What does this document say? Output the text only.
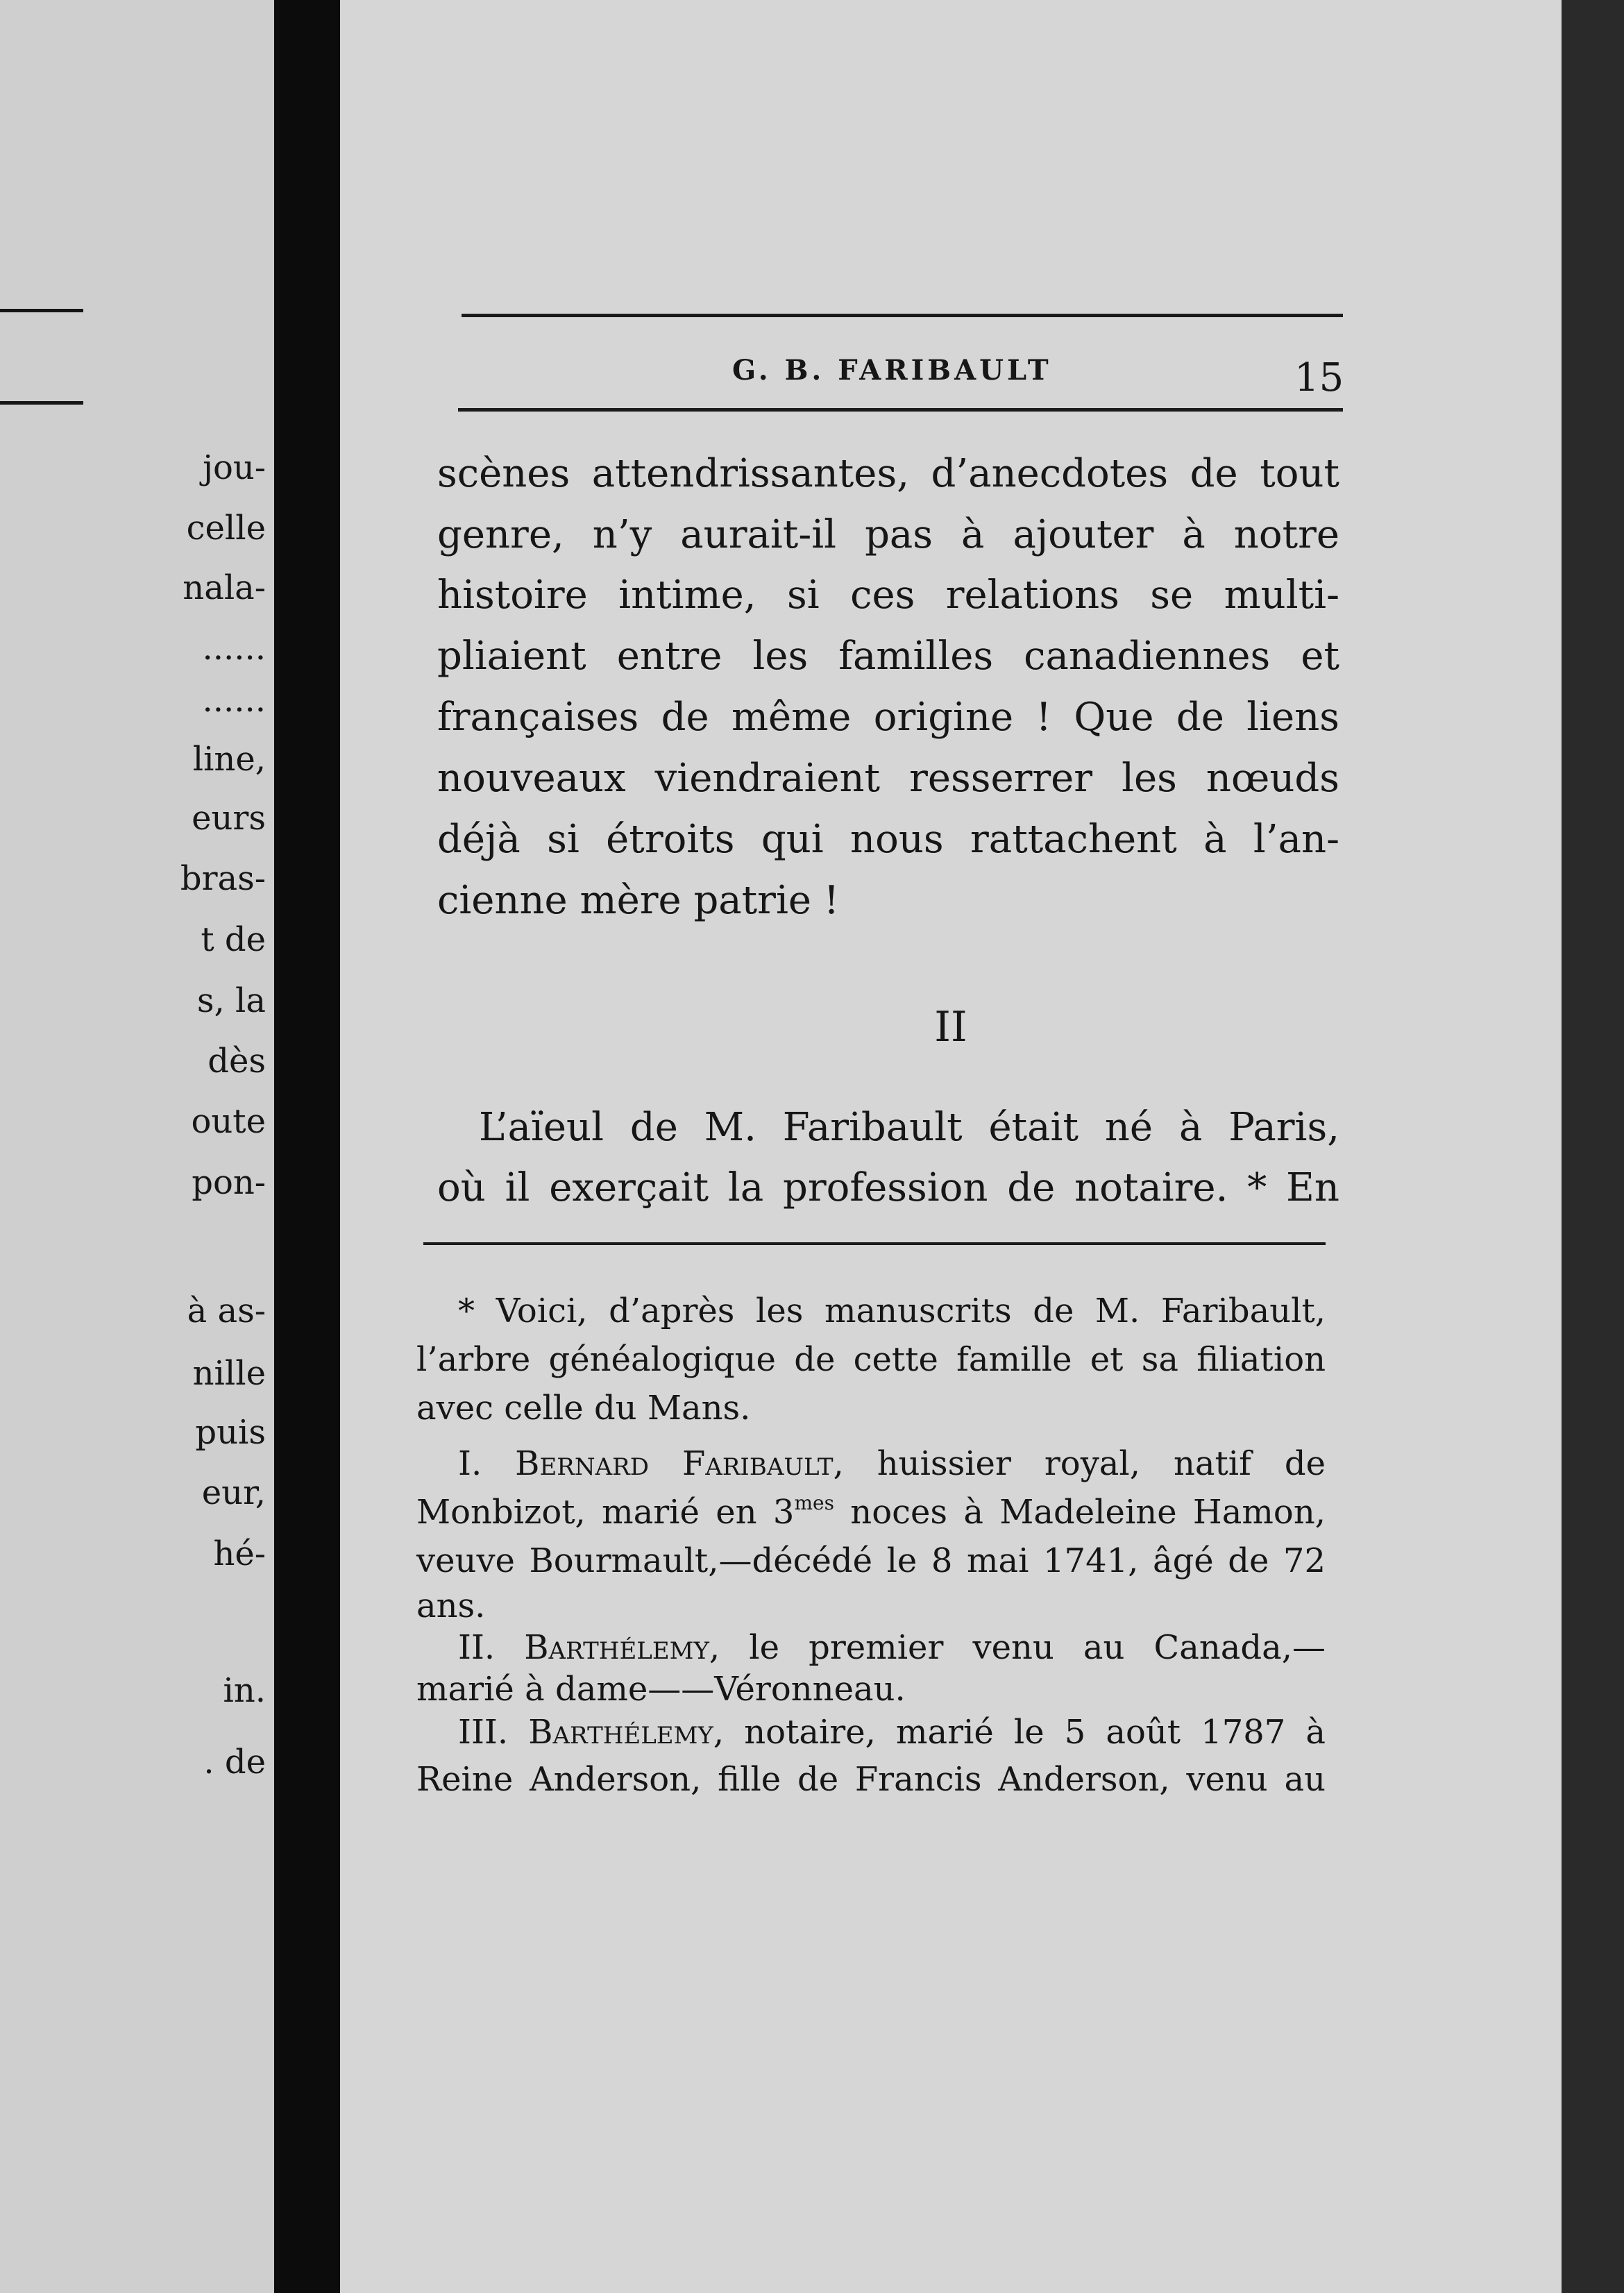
jou-
celle
nala-
......
......
line,
eurs
bras-
t de
s, la
dès
oute
pon-
à as-
nille
puis
eur,
hé-
in.
. de
G. B. FARIBAULT	15
scènes attendrissantes, d’anecdotes de tout
genre, n’y aurait-il pas à ajouter à notre
histoire intime, si ces relations se multi-
pliaient entre les familles canadiennes et
françaises de même origine ! Que de liens
nouveaux viendraient resserrer les nœuds
déjà si étroits qui nous rattachent à l’an-
cienne mère patrie !
II
L’aïeul de M. Faribault était né à Paris,
où il exerçait la profession de notaire. * En
* Voici, d’après les manuscrits de M. Faribault,
l’arbre généalogique de cette famille et sa filiation
avec celle du Mans.
I. Bernard Faribault, huissier royal, natif de
Monbizot, marié en $3^{mes}$ noces à Madeleine Hamon,
veuve Bourmault,—décédé le 8 mai 1741, âgé de 72
ans.
II. Barthélemy, le premier venu au Canada,—
marié à dame——Véronneau.
III. Barthélemy, notaire, marié le 5 août 1787 à
Reine Anderson, fille de Francis Anderson, venu au
